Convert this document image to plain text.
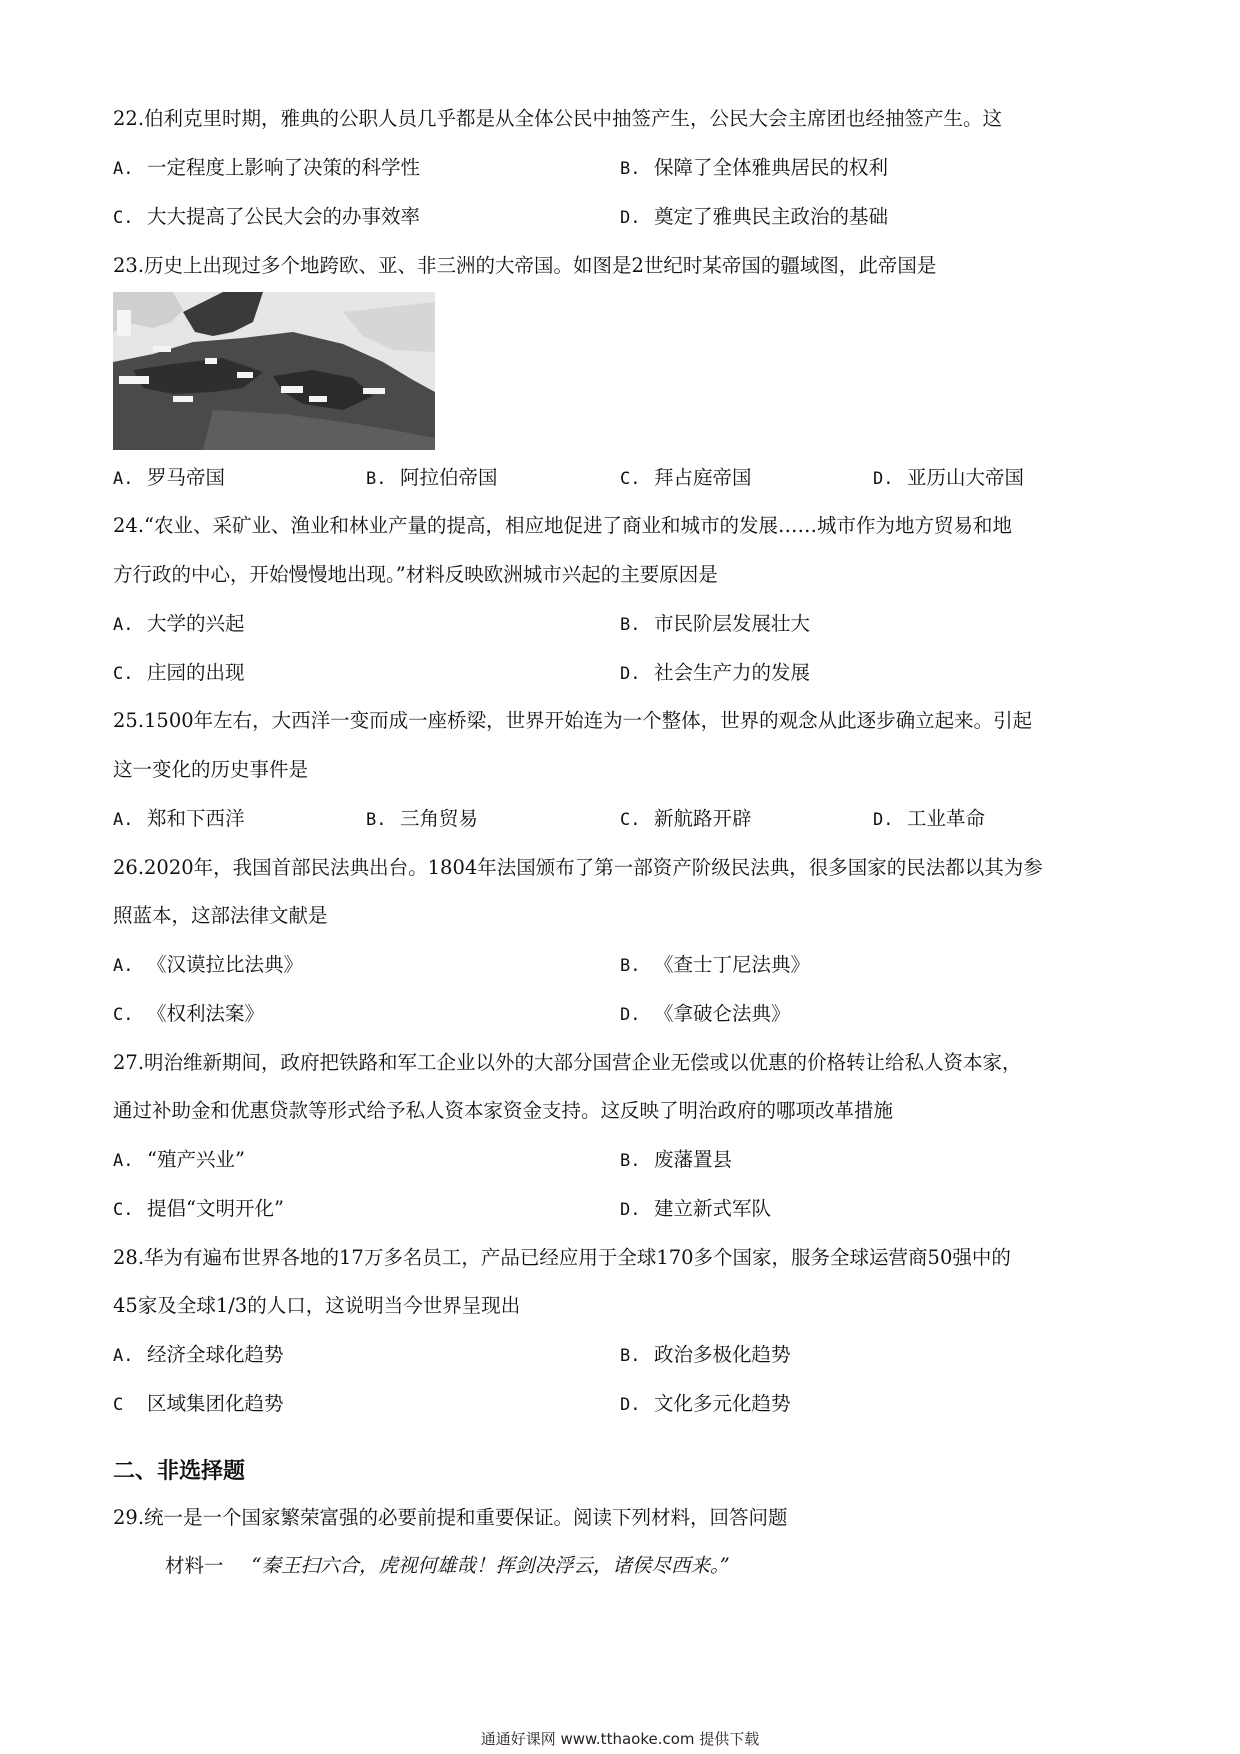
22.伯利克里时期，雅典的公职人员几乎都是从全体公民中抽签产生，公民大会主席团也经抽签产生。这
A. 一定程度上影响了决策的科学性	B. 保障了全体雅典居民的权利
C. 大大提高了公民大会的办事效率	D. 奠定了雅典民主政治的基础
23.历史上出现过多个地跨欧、亚、非三洲的大帝国。如图是2世纪时某帝国的疆域图，此帝国是
A. 罗马帝国	B. 阿拉伯帝国	C. 拜占庭帝国	D. 亚历山大帝国
24.“农业、采矿业、渔业和林业产量的提高，相应地促进了商业和城市的发展……城市作为地方贸易和地
方行政的中心，开始慢慢地出现。”材料反映欧洲城市兴起的主要原因是
A. 大学的兴起	B. 市民阶层发展壮大
C. 庄园的出现	D. 社会生产力的发展
25.1500年左右，大西洋一变而成一座桥梁，世界开始连为一个整体，世界的观念从此逐步确立起来。引起
这一变化的历史事件是
A. 郑和下西洋	B. 三角贸易	C. 新航路开辟	D. 工业革命
26.2020年，我国首部民法典出台。1804年法国颁布了第一部资产阶级民法典，很多国家的民法都以其为参
照蓝本，这部法律文献是
A. 《汉谟拉比法典》	B. 《查士丁尼法典》
C. 《权利法案》	D. 《拿破仑法典》
27.明治维新期间，政府把铁路和军工企业以外的大部分国营企业无偿或以优惠的价格转让给私人资本家，
通过补助金和优惠贷款等形式给予私人资本家资金支持。这反映了明治政府的哪项改革措施
A. “殖产兴业”	B. 废藩置县
C. 提倡“文明开化”	D. 建立新式军队
28.华为有遍布世界各地的17万多名员工，产品已经应用于全球170多个国家，服务全球运营商50强中的
45家及全球1/3的人口，这说明当今世界呈现出
A. 经济全球化趋势	B. 政治多极化趋势
C 区域集团化趋势	D. 文化多元化趋势
二、非选择题
29.统一是一个国家繁荣富强的必要前提和重要保证。阅读下列材料，回答问题
材料一 “秦王扫六合，虎视何雄哉！挥剑决浮云，诸侯尽西来。”
通通好课网 www.tthaoke.com 提供下载
